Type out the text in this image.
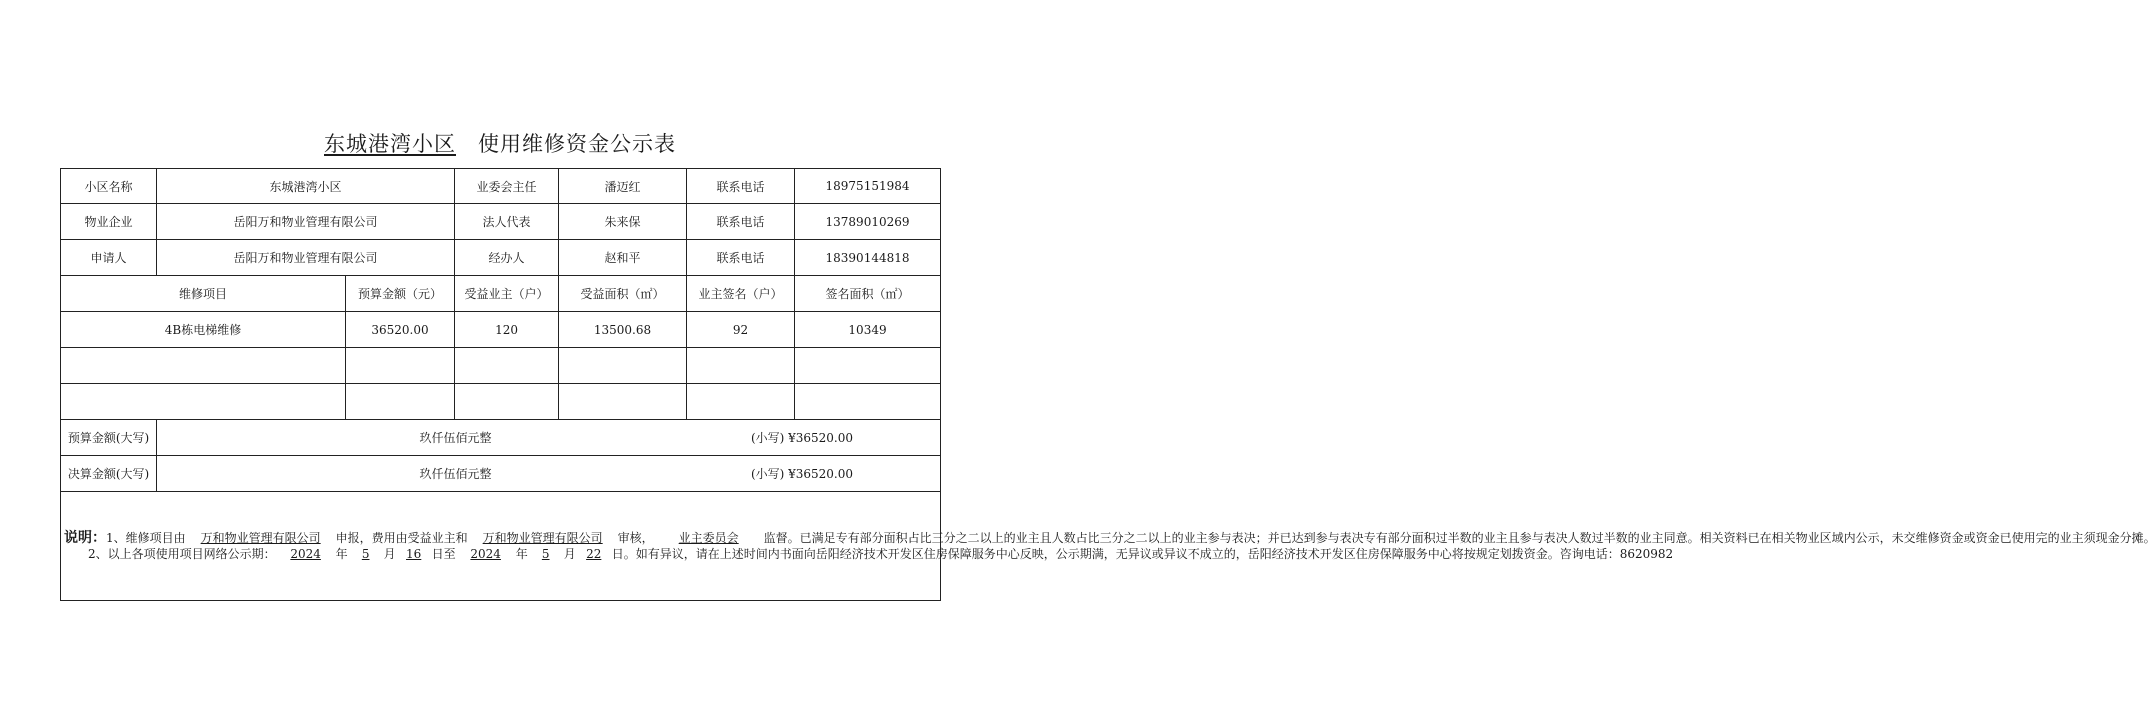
东城港湾小区 使用维修资金公示表
小区名称	东城港湾小区		业委会主任	潘迈红	联系电话	18975151984
物业企业	岳阳万和物业管理有限公司		法人代表	朱来保	联系电话	13789010269
申请人	岳阳万和物业管理有限公司		经办人	赵和平	联系电话	18390144818
维修项目		预算金额（元）	受益业主（户）	受益面积（㎡）	业主签名（户）	签名面积（㎡）
4B栋电梯维修		36520.00	120	13500.68	92	10349

预算金额(大写)	玖仟伍佰元整 (小写) ¥36520.00					

决算金额(大写)	玖仟伍佰元整 (小写) ¥36520.00					

说明：1、维修项目由 万和物业管理有限公司 申报，费用由受益业主和 万和物业管理有限公司 审核， 业主委员会 监督。已满足专有部分面积占比三分之二以上的业主且人数占比三分之二以上的业主参与表决；并已达到参与表决专有部分面积过半数的业主且参与表决人数过半数的业主同意。相关资料已在相关物业区域内公示，未交维修资金或资金已使用完的业主须现金分摊。
2、以上各项使用项目网络公示期： 2024 年 5 月 16 日至 2024 年 5 月 22 日。如有异议，请在上述时间内书面向岳阳经济技术开发区住房保障服务中心反映，公示期满，无异议或异议不成立的，岳阳经济技术开发区住房保障服务中心将按规定划拨资金。咨询电话：8620982						
